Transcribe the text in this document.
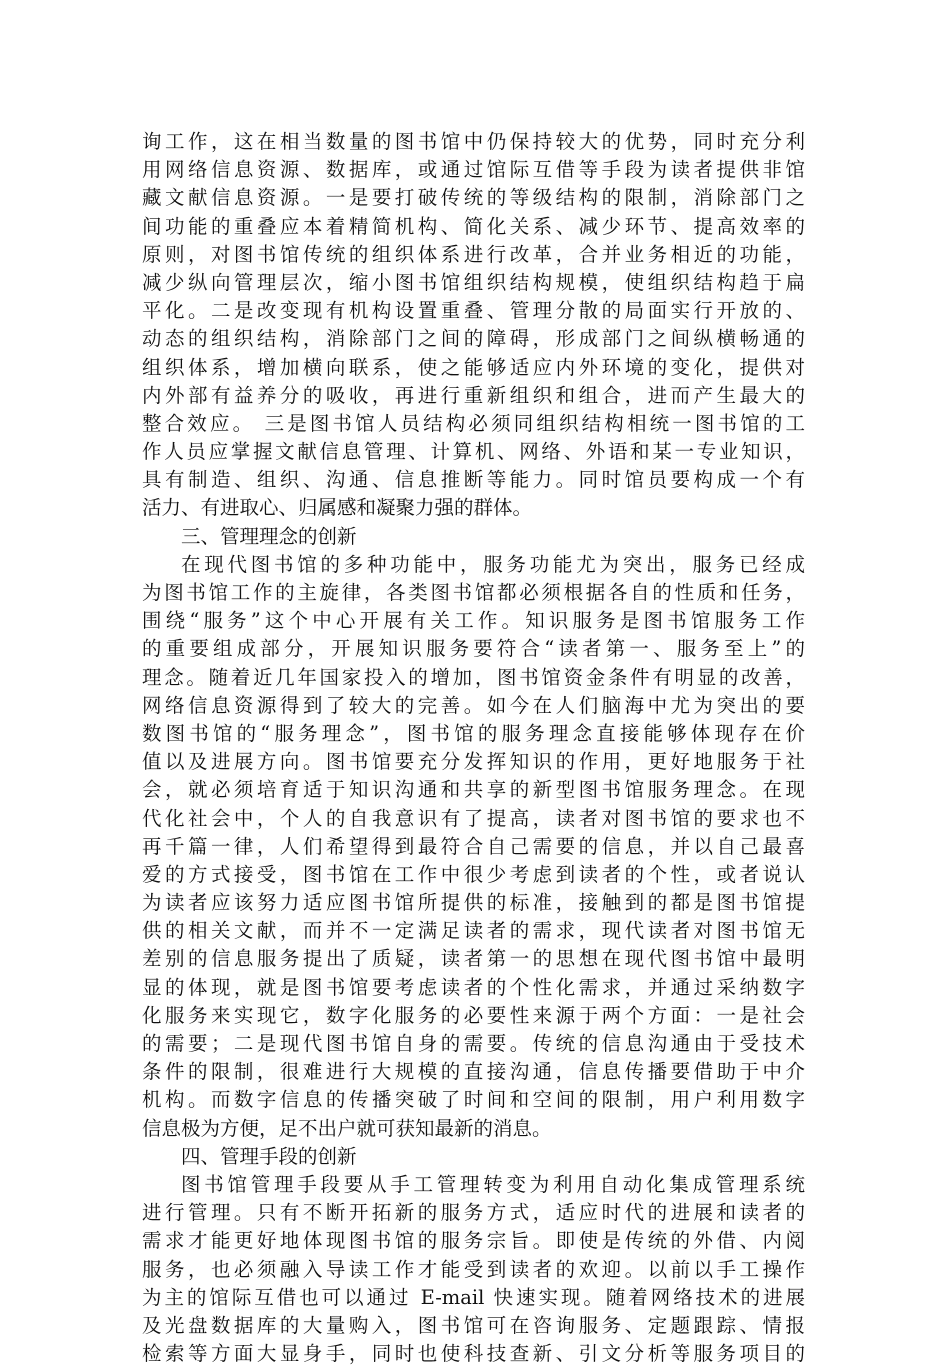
询工作，这在相当数量的图书馆中仍保持较大的优势，同时充分利
用网络信息资源、数据库，或通过馆际互借等手段为读者提供非馆
藏文献信息资源。一是要打破传统的等级结构的限制，消除部门之
间功能的重叠应本着精简机构、简化关系、减少环节、提高效率的
原则，对图书馆传统的组织体系进行改革，合并业务相近的功能，
减少纵向管理层次，缩小图书馆组织结构规模，使组织结构趋于扁
平化。二是改变现有机构设置重叠、管理分散的局面实行开放的、
动态的组织结构，消除部门之间的障碍，形成部门之间纵横畅通的
组织体系，增加横向联系，使之能够适应内外环境的变化，提供对
内外部有益养分的吸收，再进行重新组织和组合，进而产生最大的
整合效应。 三是图书馆人员结构必须同组织结构相统一图书馆的工
作人员应掌握文献信息管理、计算机、网络、外语和某一专业知识，
具有制造、组织、沟通、信息推断等能力。同时馆员要构成一个有
活力、有进取心、归属感和凝聚力强的群体。
三、管理理念的创新
在现代图书馆的多种功能中，服务功能尤为突出，服务已经成
为图书馆工作的主旋律，各类图书馆都必须根据各自的性质和任务，
围绕“服务”这个中心开展有关工作。知识服务是图书馆服务工作
的重要组成部分，开展知识服务要符合“读者第一、服务至上”的
理念。随着近几年国家投入的增加，图书馆资金条件有明显的改善，
网络信息资源得到了较大的完善。如今在人们脑海中尤为突出的要
数图书馆的“服务理念”，图书馆的服务理念直接能够体现存在价
值以及进展方向。图书馆要充分发挥知识的作用，更好地服务于社
会，就必须培育适于知识沟通和共享的新型图书馆服务理念。在现
代化社会中，个人的自我意识有了提高，读者对图书馆的要求也不
再千篇一律，人们希望得到最符合自己需要的信息，并以自己最喜
爱的方式接受，图书馆在工作中很少考虑到读者的个性，或者说认
为读者应该努力适应图书馆所提供的标准，接触到的都是图书馆提
供的相关文献，而并不一定满足读者的需求，现代读者对图书馆无
差别的信息服务提出了质疑，读者第一的思想在现代图书馆中最明
显的体现，就是图书馆要考虑读者的个性化需求，并通过采纳数字
化服务来实现它，数字化服务的必要性来源于两个方面：一是社会
的需要；二是现代图书馆自身的需要。传统的信息沟通由于受技术
条件的限制，很难进行大规模的直接沟通，信息传播要借助于中介
机构。而数字信息的传播突破了时间和空间的限制，用户利用数字
信息极为方便，足不出户就可获知最新的消息。
四、管理手段的创新
图书馆管理手段要从手工管理转变为利用自动化集成管理系统
进行管理。只有不断开拓新的服务方式，适应时代的进展和读者的
需求才能更好地体现图书馆的服务宗旨。即使是传统的外借、内阅
服务，也必须融入导读工作才能受到读者的欢迎。以前以手工操作
为主的馆际互借也可以通过 E-mail 快速实现。随着网络技术的进展
及光盘数据库的大量购入，图书馆可在咨询服务、定题跟踪、情报
检索等方面大显身手，同时也使科技查新、引文分析等服务项目的
